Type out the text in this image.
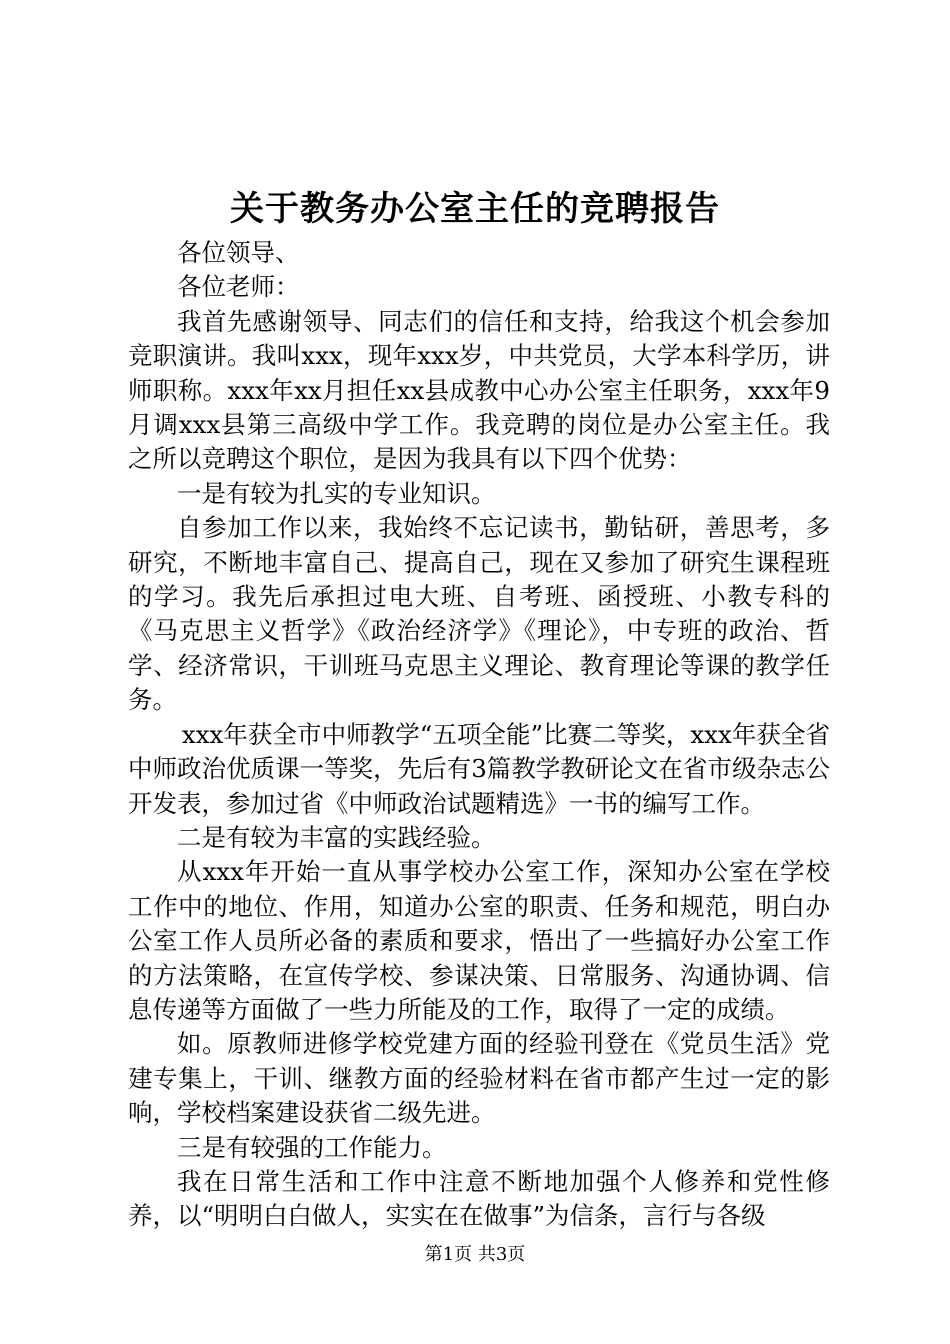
关于教务办公室主任的竞聘报告

各位领导、

各位老师：

我首先感谢领导、同志们的信任和支持，给我这个机会参加竞职演讲。我叫xxx，现年xxx岁，中共党员，大学本科学历，讲师职称。xxx年xx月担任xx县成教中心办公室主任职务，xxx年9月调xxx县第三高级中学工作。我竞聘的岗位是办公室主任。我之所以竞聘这个职位，是因为我具有以下四个优势：

一是有较为扎实的专业知识。

自参加工作以来，我始终不忘记读书，勤钻研，善思考，多研究，不断地丰富自己、提高自己，现在又参加了研究生课程班的学习。我先后承担过电大班、自考班、函授班、小教专科的《马克思主义哲学》《政治经济学》《理论》，中专班的政治、哲学、经济常识，干训班马克思主义理论、教育理论等课的教学任务。

xxx年获全市中师教学“五项全能”比赛二等奖，xxx年获全省中师政治优质课一等奖，先后有3篇教学教研论文在省市级杂志公开发表，参加过省《中师政治试题精选》一书的编写工作。

二是有较为丰富的实践经验。

从xxx年开始一直从事学校办公室工作，深知办公室在学校工作中的地位、作用，知道办公室的职责、任务和规范，明白办公室工作人员所必备的素质和要求，悟出了一些搞好办公室工作的方法策略，在宣传学校、参谋决策、日常服务、沟通协调、信息传递等方面做了一些力所能及的工作，取得了一定的成绩。

如。原教师进修学校党建方面的经验刊登在《党员生活》党建专集上，干训、继教方面的经验材料在省市都产生过一定的影响，学校档案建设获省二级先进。

三是有较强的工作能力。

我在日常生活和工作中注意不断地加强个人修养和党性修养，以“明明白白做人，实实在在做事”为信条，言行与各级

第1页 共3页
